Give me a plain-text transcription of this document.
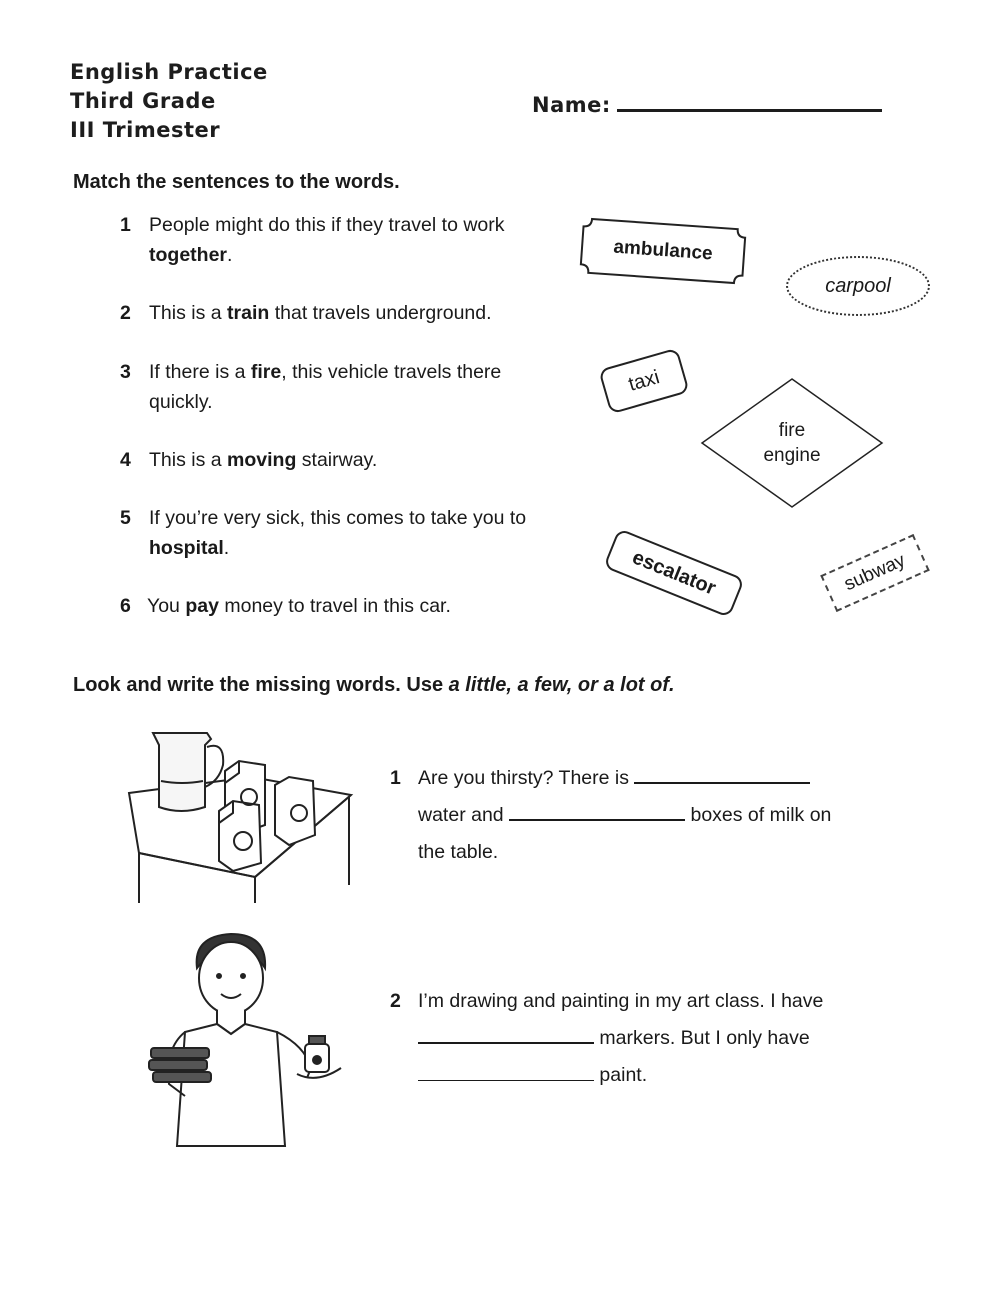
English Practice
Third Grade
III Trimester
Name:
Match the sentences to the words.
1 People might do this if they travel to work together.
2 This is a train that travels underground.
3 If there is a fire, this vehicle travels there quickly.
4 This is a moving stairway.
5 If you’re very sick, this comes to take you to hospital.
6 You pay money to travel in this car.
ambulance
carpool
taxi
fire
engine
escalator	subway
Look and write the missing words. Use a little, a few, or a lot of.
1 Are you thirsty? There is
water and	boxes of milk on
the table.
2 I’m drawing and painting in my art class. I have
markers. But I only have
paint.
